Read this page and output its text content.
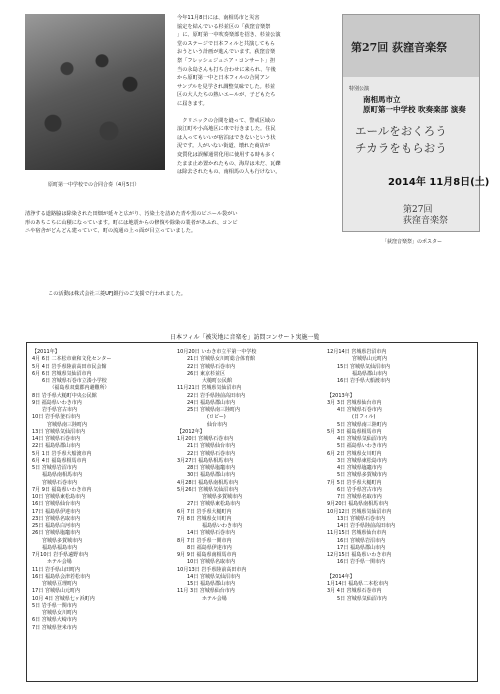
原町第一中学校での合同合奏（4月5日）

今年11月8日には、南相馬市と災害
協定を結んでいる杉並区の「荻窪音楽祭
」に、原町第一中吹奏楽部を招き、杉並公演
堂のステージで日本フィルと共演してもら
おうという計画が進んでいます。荻窪音楽
祭「フレッシュジュニア・コンサート」担
当の永島さんも打ち合わせに来られ、午後
から原町第一中と日本フィルの合同アン
サンブルを見学され調整気味でした。杉並
区の大人たちの熱いエールが、子どもたち
に届きます。

　クリニックの合間を縫って、警戒区域の
浪江町や小高地区に車で行きました。住民
は入ってもいいが宿泊はできないという状
況です。人がいない街道、壊れた商店が
変質化は誤解通常化用に使用する時も多く
たまま止め置かれたもの、海岸は未だ、瓦礫
は除去されたもの、南相馬の人も行けない。

清浄する道路脇は除染された田畑が延々と広がり、汚染土を詰めた青や黒のビニール袋がい
形のあちこちに山積になっています。町には地震からの修復や除染の業者があふれ、コンビ
ニや宿舎がどんどん建っていて、町の流通の上っ面が目立っていました。

この活動は株式会社三菱UFJ銀行のご支援で行われました。

第27回 荻窪音楽祭
特別公演
南相馬市立
原町第一中学校 吹奏楽部 演奏
エールをおくろう
チカラをもらおう
2014年 11月8日(土)
第27回
荻窪音楽祭
「荻窪音楽祭」のポスター
日本フィル「被災地に音楽を」訪問コンサート実施一覧
【2011年】
4月 6日 二本松市東和文化センター
5月 4日 岩手県陸前高田市民会館
6月 6日 宮城県気仙沼市内
　　6日 宮城県石巻市立湊小学校
　　　　（福島県双葉郡内避難所）
8日 岩手県大槌町中央公民館
9日 福島県いわき市内
　　岩手県宮古市内
10日 岩手県釜石市内
　　　宮城県南三陸町内
13日 宮城県気仙沼市内
14日 宮城県石巻市内
22日 福島県郡山市内
5月 1日 岩手県大船渡市内
6月 4日 福島県相馬市内
5日 宮城県岩沼市内
　　福島県南相馬市内
　　宮城県石巻市内
7月 9日 福島県いわき市内
10日 宮城県東松島市内
16日 宮城県仙台市内
17日 福島県伊達市内
23日 宮城県名取市内
25日 福島県白河市内
26日 宮城県塩竈市内
　　宮城県多賀城市内
　　福島県福島市内
7月10日 岩手県遠野市内
　　　ホテル会場
11日 岩手県山田町内
16日 福島県会津若松市内
　　宮城県亘理町内
17日 宮城県山元町内
10月 4日 宮城県七ヶ浜町内
5日 岩手県一関市内
　　宮城県女川町内
6日 宮城県大崎市内
7日 宮城県登米市内
10月20日 いわき市立平第一中学校
　　21日 宮城県女川町総合体育館
　　22日 宮城県石巻市内
　　26日 東京杉並区
　　　　　大槌町公民館
11月21日 宮城県気仙沼市内
　　22日 岩手県陸前高田市内
　　24日 福島県郡山市内
　　25日 宮城県南三陸町内
　　　　　　(ロビー)
　　　　　　仙台市内
【2012年】
1月20日 宮城県石巻市内
　　21日 宮城県仙台市内
　　22日 宮城県石巻市内
3月27日 福島県相馬市内
　　28日 宮城県塩竈市内
　　30日 福島県郡山市内
4月28日 福島県南相馬市内
5月26日 宮城県気仙沼市内
　　　　　宮城県多賀城市内
　　27日 宮城県東松島市内
6月 7日 岩手県大槌町内
7月 8日 宮城県女川町内
　　　　　福島県いわき市内
　　14日 宮城県石巻市内
8月 7日 岩手県一関市内
　　8日 福島県伊達市内
9月 9日 福島県南相馬市内
　　10日 宮城県名取市内
10月13日 岩手県陸前高田市内
　　14日 宮城県気仙沼市内
　　15日 福島県郡山市内
11月 3日 宮城県仙台市内
　　　　　ホテル会場
12月14日 宮城県岩沼市内
　　　　　宮城県山元町内
　　15日 宮城県気仙沼市内
　　　　　福島県郡山市内
　　16日 岩手県大船渡市内

【2013年】
3月 3日 宮城県仙台市内
　　4日 宮城県石巻市内
　　　　　(日フィル)
　　5日 宮城県南三陸町内
5月 3日 福島県相馬市内
　　4日 宮城県気仙沼市内
　　5日 福島県いわき市内
6月 2日 宮城県女川町内
　　3日 宮城県東松島市内
　　4日 宮城県塩竈市内
　　5日 宮城県多賀城市内
7月 5日 岩手県大槌町内
　　6日 岩手県宮古市内
　　7日 宮城県名取市内
9月20日 福島県南相馬市内
10月12日 宮城県気仙沼市内
　　13日 宮城県石巻市内
　　14日 岩手県陸前高田市内
11月15日 宮城県仙台市内
　　16日 宮城県岩沼市内
　　17日 福島県郡山市内
12月15日 福島県いわき市内
　　16日 岩手県一関市内

【2014年】
1月14日 福島県二本松市内
3月 4日 宮城県石巻市内
　　5日 宮城県気仙沼市内
